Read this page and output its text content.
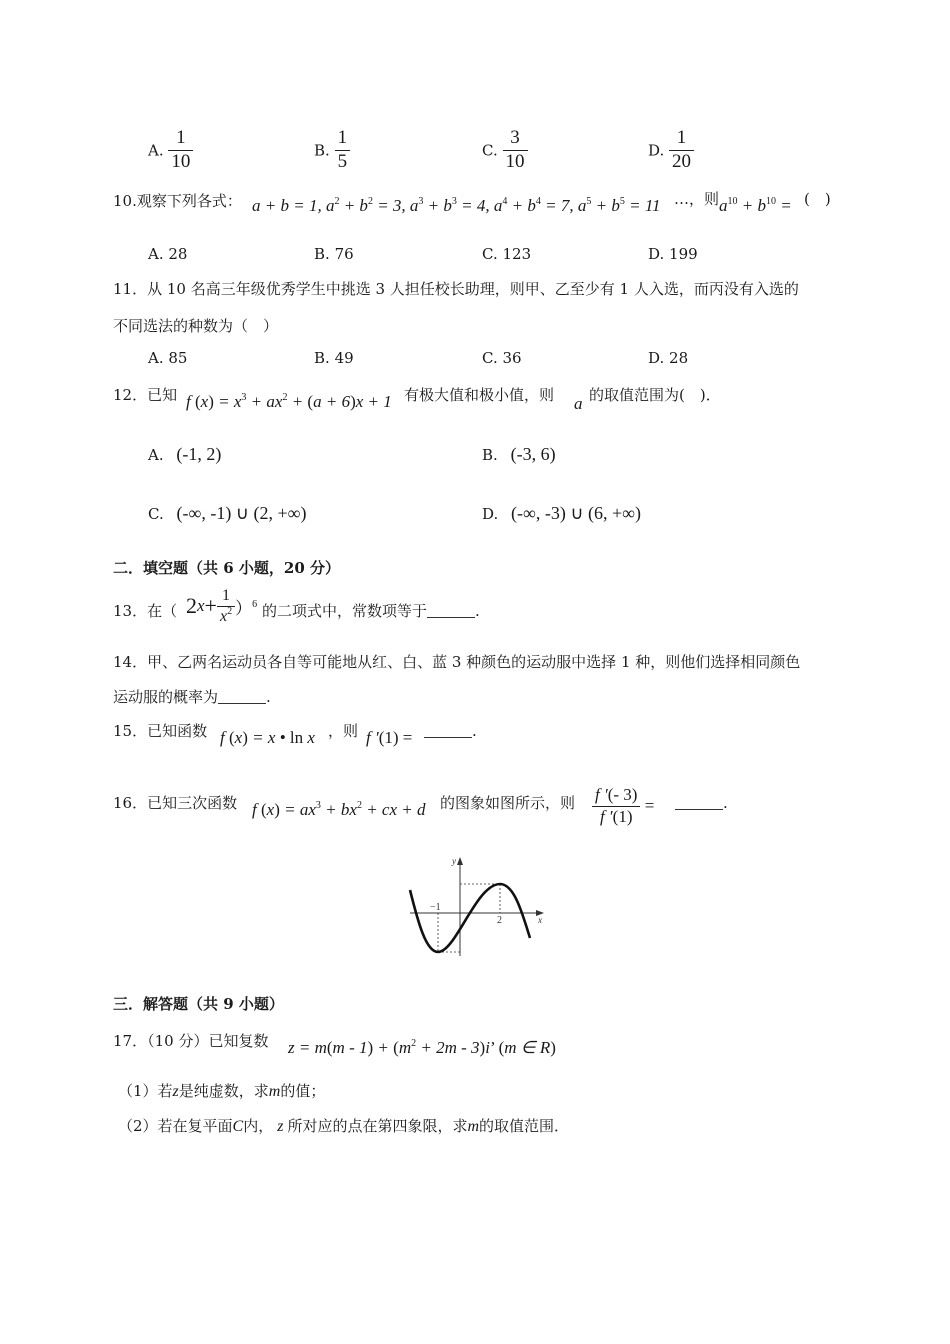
A. $\frac{1}{10}$	B. $\frac{1}{5}$	C. $\frac{3}{10}$	D. $\frac{1}{20}$
10.观察下列各式： a + b = 1, $a^2 + b^2 = 3$, $a^3 + b^3 = 4$, $a^4 + b^4 = 7$, $a^5 + b^5 = 11$ …，则 $a^{10} + b^{10}$ = (　)
A. 28	B. 76	C. 123	D. 199
11．从 10 名高三年级优秀学生中挑选 3 人担任校长助理，则甲、乙至少有 1 人入选，而丙没有入选的
不同选法的种数为（　）
A. 85	B. 49	C. 36	D. 28
12．已知 f $(x) = x^3 + ax^2 + (a + 6)x + 1$ 有极大值和极小值，则 a 的取值范围为(　)．
A. (-1, 2)	B. (-3, 6)
C. (-∞, -1) ∪ (2, +∞)	D. (-∞, -3) ∪ (6, +∞)
二．填空题（共 6 小题，20 分）
13．在（ $2x+ \frac{1}{x^2} )^6$ 的二项式中，常数项等于	.
14．甲、乙两名运动员各自等可能地从红、白、蓝 3 种颜色的运动服中选择 1 种，则他们选择相同颜色
运动服的概率为	.
15．已知函数 f (x) = x • ln x ，则 f ′(1) =	.
16．已知三次函数 f $(x) = ax^3 + bx^2$ + cx + d 的图象如图所示，则 $\frac{f '(- 3)}{f '(1)}$ =	.
y
x
−1
2
三．解答题（共 9 小题）
17．（10 分）已知复数 $z = m(m - 1) + (m^2 + 2m - 3)i$’ (m ∈ R)
（1）若z是纯虚数，求m的值；
（2）若在复平面C内， z 所对应的点在第四象限，求m的取值范围．
